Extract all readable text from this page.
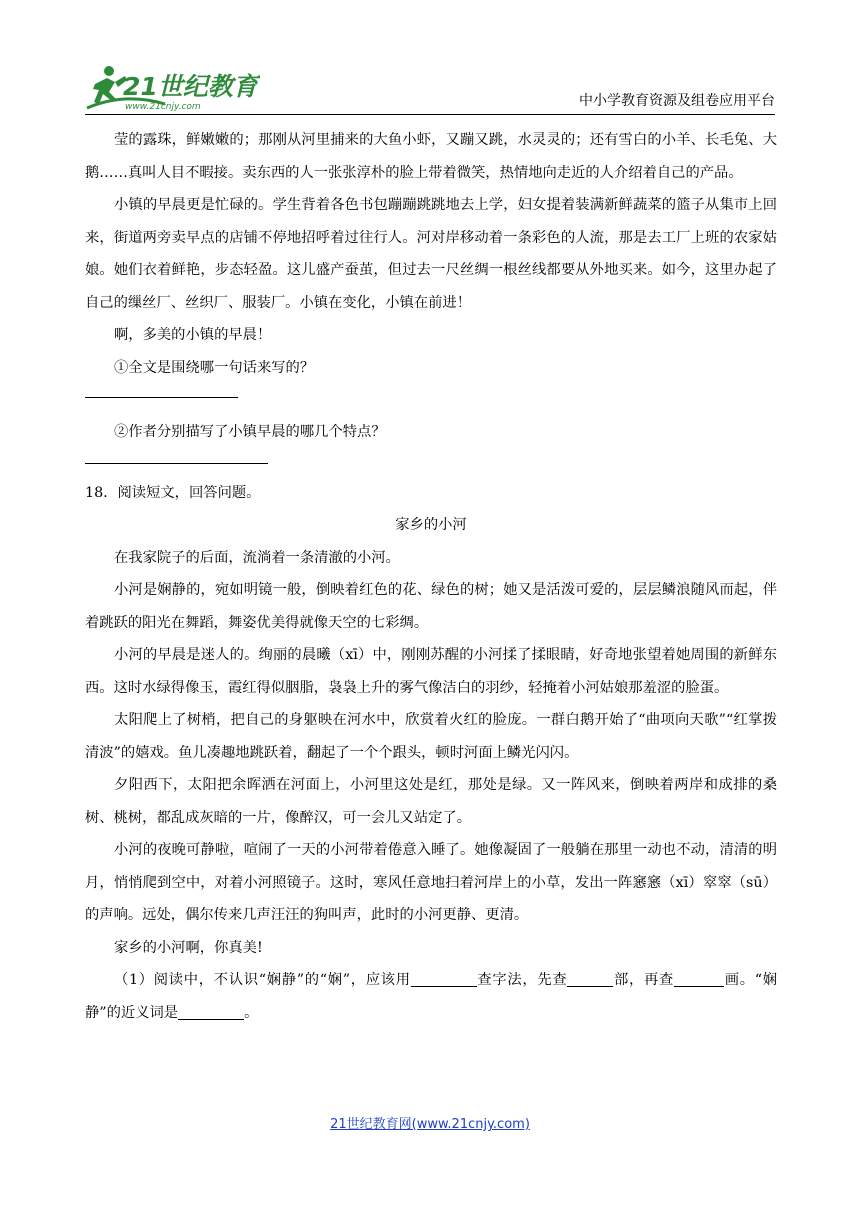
21世纪教育
www.21cnjy.com	中小学教育资源及组卷应用平台

莹的露珠，鲜嫩嫩的；那刚从河里捕来的大鱼小虾，又蹦又跳，水灵灵的；还有雪白的小羊、长毛兔、大鹅……真叫人目不暇接。卖东西的人一张张淳朴的脸上带着微笑，热情地向走近的人介绍着自己的产品。

小镇的早晨更是忙碌的。学生背着各色书包蹦蹦跳跳地去上学，妇女提着装满新鲜蔬菜的篮子从集市上回来，街道两旁卖早点的店铺不停地招呼着过往行人。河对岸移动着一条彩色的人流，那是去工厂上班的农家姑娘。她们衣着鲜艳，步态轻盈。这儿盛产蚕茧，但过去一尺丝绸一根丝线都要从外地买来。如今，这里办起了自己的缫丝厂、丝织厂、服装厂。小镇在变化，小镇在前进！

啊，多美的小镇的早晨！

①全文是围绕哪一句话来写的？

②作者分别描写了小镇早晨的哪几个特点？

18．阅读短文，回答问题。

家乡的小河

在我家院子的后面，流淌着一条清澈的小河。

小河是娴静的，宛如明镜一般，倒映着红色的花、绿色的树；她又是活泼可爱的，层层鳞浪随风而起，伴着跳跃的阳光在舞蹈，舞姿优美得就像天空的七彩绸。

小河的早晨是迷人的。绚丽的晨曦（xī）中，刚刚苏醒的小河揉了揉眼睛，好奇地张望着她周围的新鲜东西。这时水绿得像玉，霞红得似胭脂，袅袅上升的雾气像洁白的羽纱，轻掩着小河姑娘那羞涩的脸蛋。

太阳爬上了树梢，把自己的身躯映在河水中，欣赏着火红的脸庞。一群白鹅开始了“曲项向天歌”“红掌拨清波”的嬉戏。鱼儿凑趣地跳跃着，翻起了一个个跟头，顿时河面上鳞光闪闪。

夕阳西下，太阳把余晖洒在河面上，小河里这处是红，那处是绿。又一阵风来，倒映着两岸和成排的桑树、桃树，都乱成灰暗的一片，像醉汉，可一会儿又站定了。

小河的夜晚可静啦，喧闹了一天的小河带着倦意入睡了。她像凝固了一般躺在那里一动也不动，清清的明月，悄悄爬到空中，对着小河照镜子。这时，寒风任意地扫着河岸上的小草，发出一阵窸窸（xī）窣窣（sū）的声响。远处，偶尔传来几声汪汪的狗叫声，此时的小河更静、更清。

家乡的小河啊，你真美!

（1）阅读中，不认识“娴静”的“娴”，应该用	查字法，先查	部，再查	画。“娴静”的近义词是	。

21世纪教育网(www.21cnjy.com)
